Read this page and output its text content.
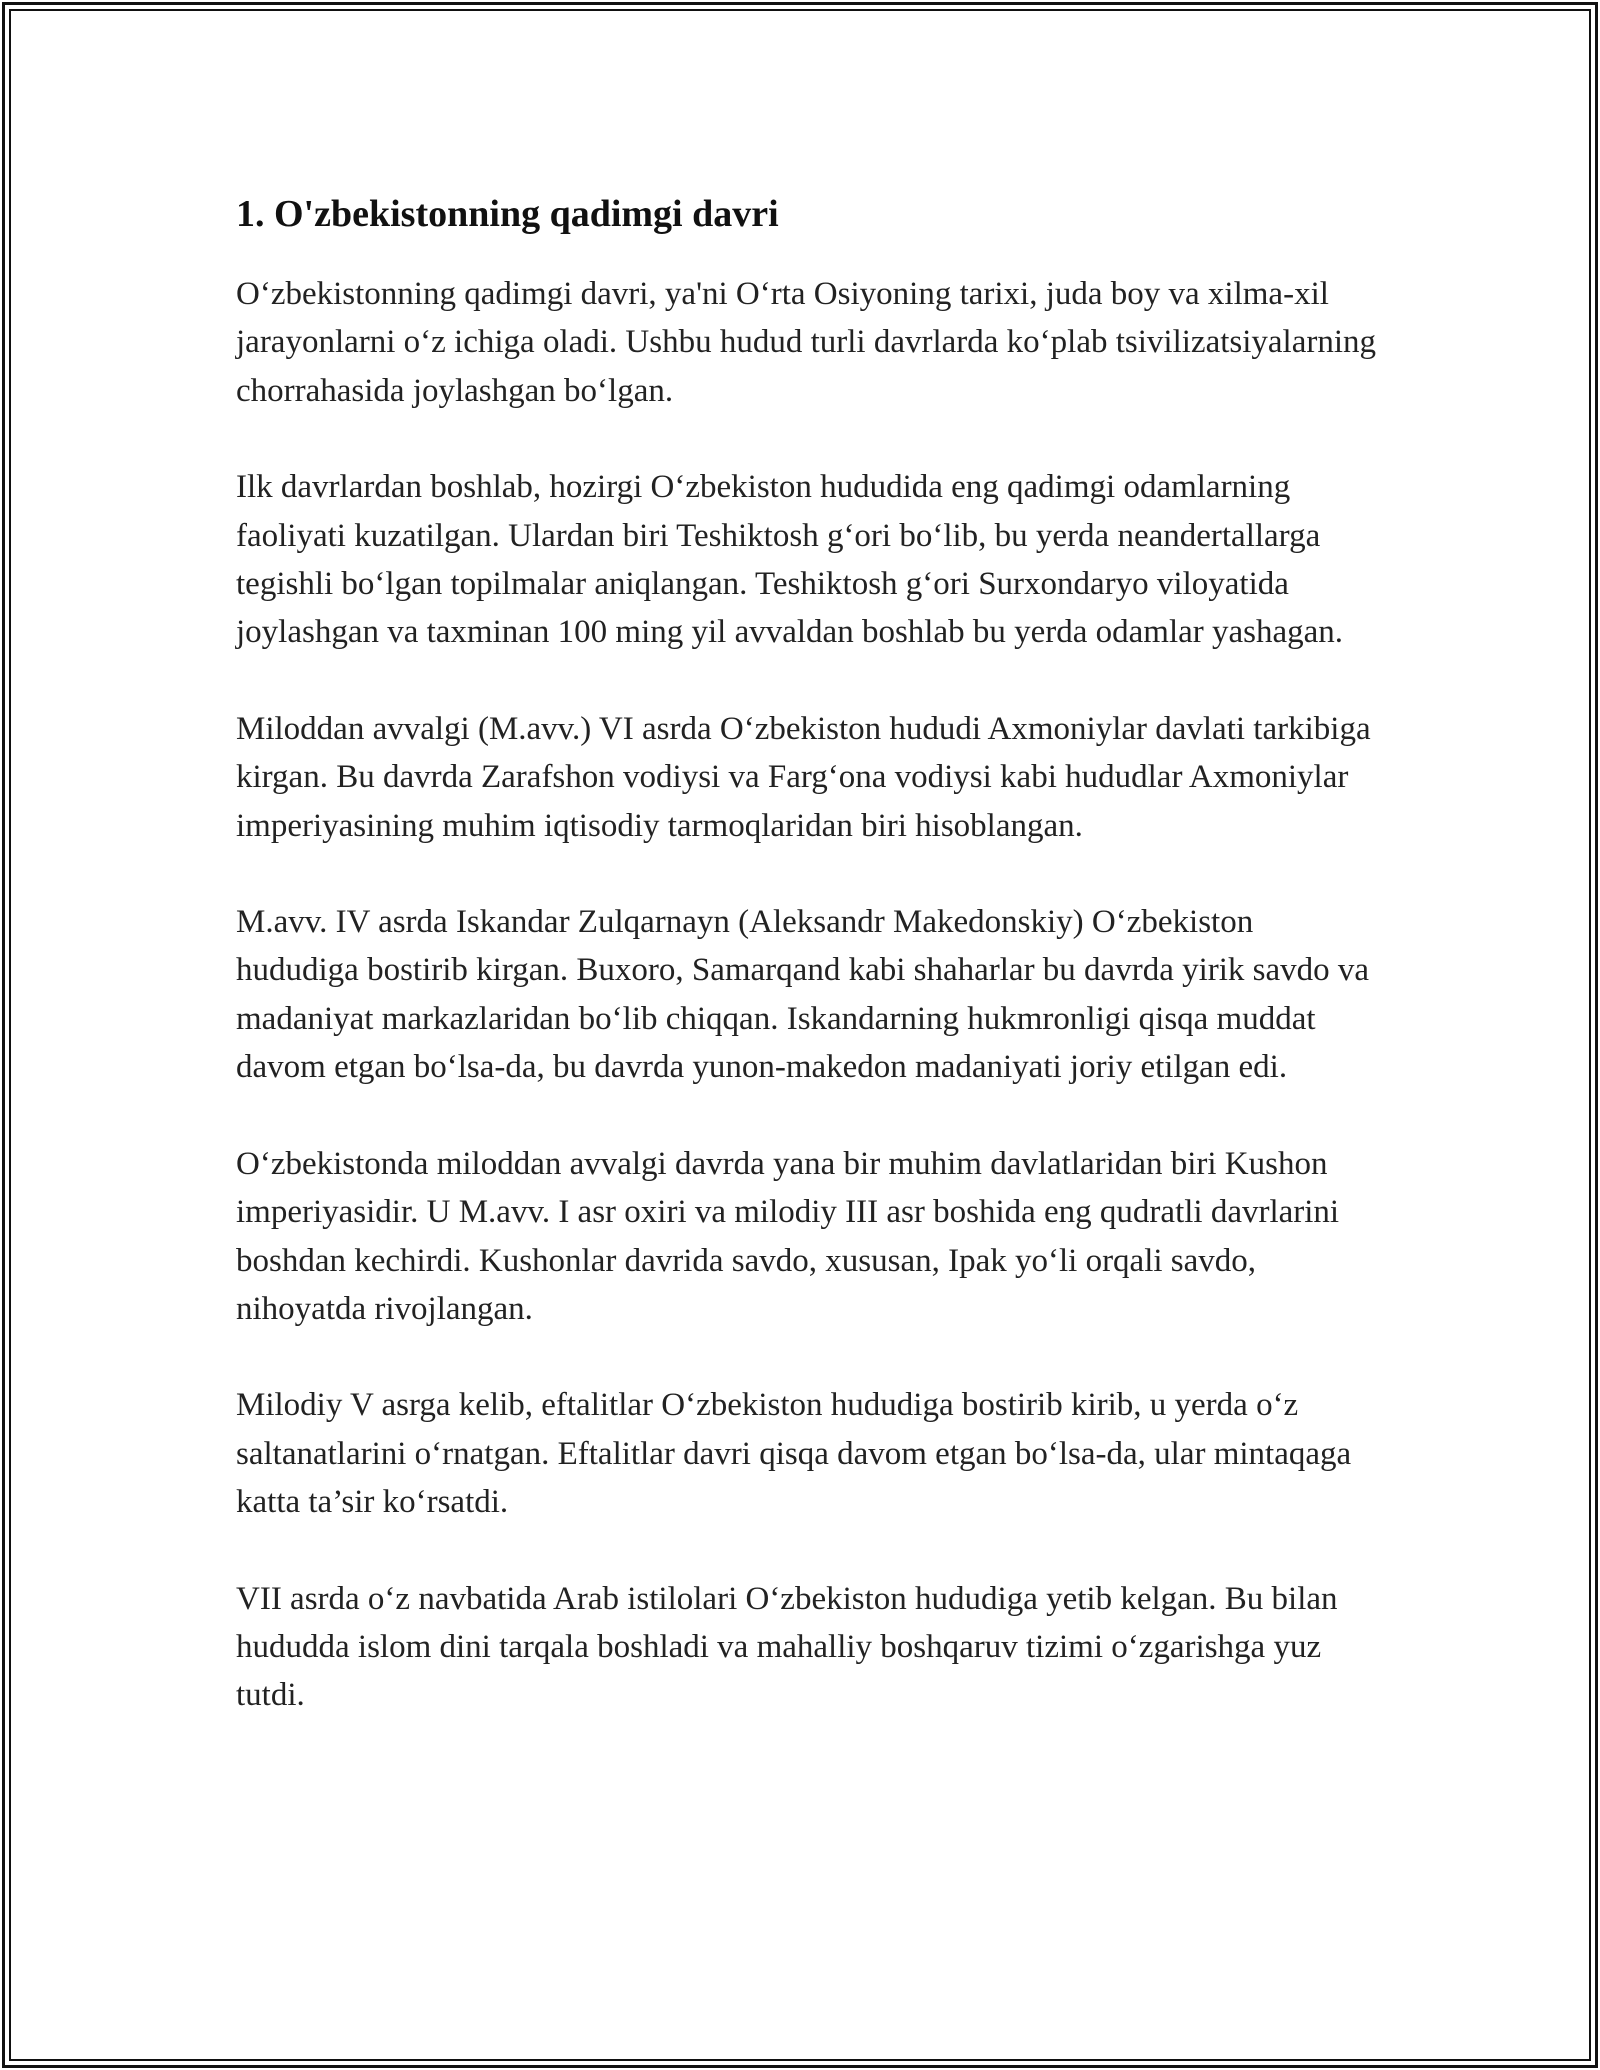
1. O'zbekistonning qadimgi davri

O‘zbekistonning qadimgi davri, ya'ni O‘rta Osiyoning tarixi, juda boy va xilma-xil jarayonlarni o‘z ichiga oladi. Ushbu hudud turli davrlarda ko‘plab tsivilizatsiyalarning chorrahasida joylashgan bo‘lgan.

Ilk davrlardan boshlab, hozirgi O‘zbekiston hududida eng qadimgi odamlarning faoliyati kuzatilgan. Ulardan biri Teshiktosh g‘ori bo‘lib, bu yerda neandertallarga tegishli bo‘lgan topilmalar aniqlangan. Teshiktosh g‘ori Surxondaryo viloyatida joylashgan va taxminan 100 ming yil avvaldan boshlab bu yerda odamlar yashagan.

Miloddan avvalgi (M.avv.) VI asrda O‘zbekiston hududi Axmoniylar davlati tarkibiga kirgan. Bu davrda Zarafshon vodiysi va Farg‘ona vodiysi kabi hududlar Axmoniylar imperiyasining muhim iqtisodiy tarmoqlaridan biri hisoblangan.

M.avv. IV asrda Iskandar Zulqarnayn (Aleksandr Makedonskiy) O‘zbekiston hududiga bostirib kirgan. Buxoro, Samarqand kabi shaharlar bu davrda yirik savdo va madaniyat markazlaridan bo‘lib chiqqan. Iskandarning hukmronligi qisqa muddat davom etgan bo‘lsa-da, bu davrda yunon-makedon madaniyati joriy etilgan edi.

O‘zbekistonda miloddan avvalgi davrda yana bir muhim davlatlaridan biri Kushon imperiyasidir. U M.avv. I asr oxiri va milodiy III asr boshida eng qudratli davrlarini boshdan kechirdi. Kushonlar davrida savdo, xususan, Ipak yo‘li orqali savdo, nihoyatda rivojlangan.

Milodiy V asrga kelib, eftalitlar O‘zbekiston hududiga bostirib kirib, u yerda o‘z saltanatlarini o‘rnatgan. Eftalitlar davri qisqa davom etgan bo‘lsa-da, ular mintaqaga katta ta’sir ko‘rsatdi.

VII asrda o‘z navbatida Arab istilolari O‘zbekiston hududiga yetib kelgan. Bu bilan hududda islom dini tarqala boshladi va mahalliy boshqaruv tizimi o‘zgarishga yuz tutdi.
